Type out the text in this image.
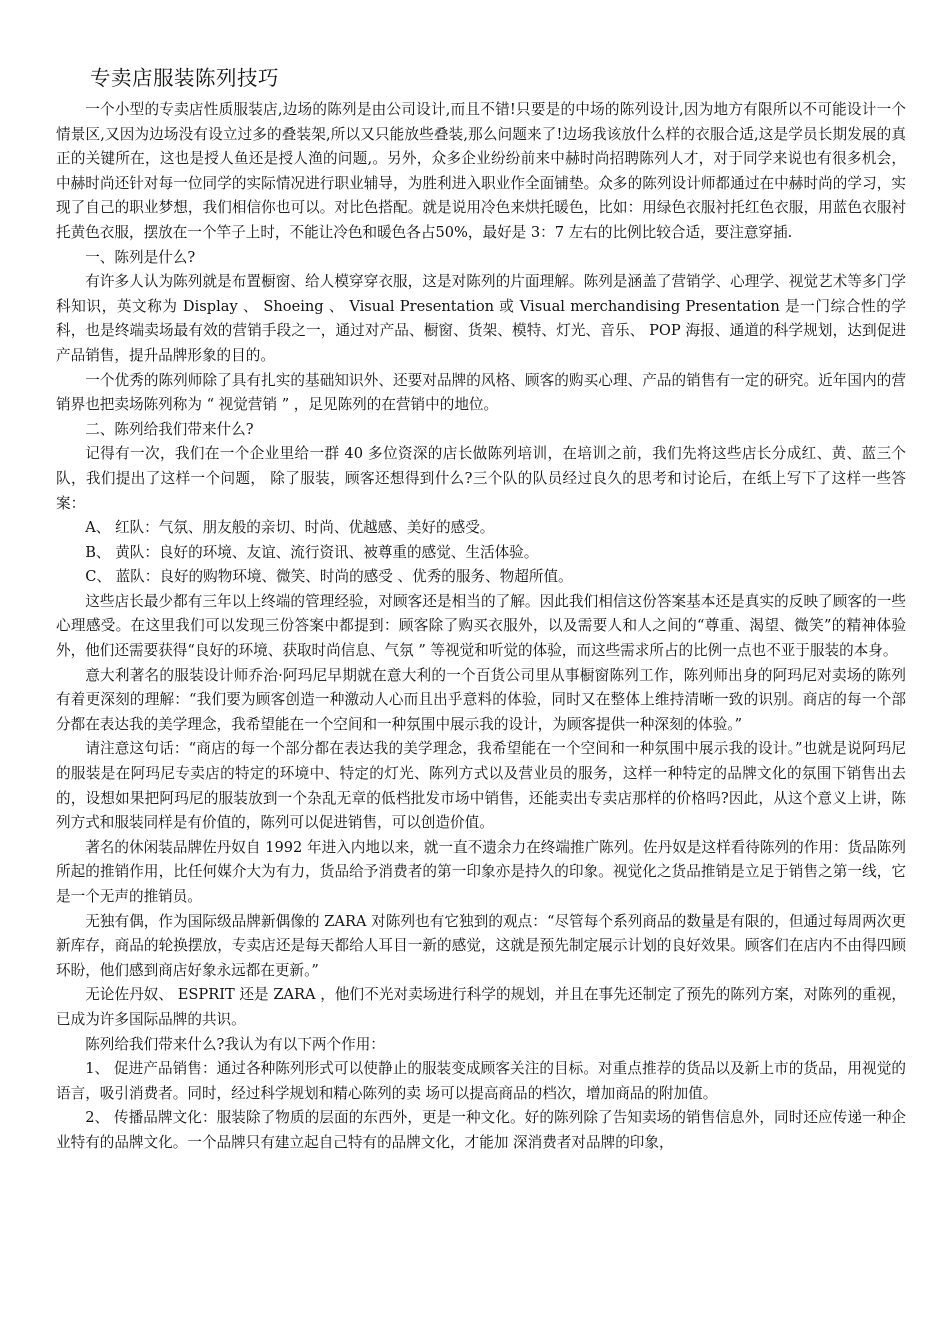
专卖店服装陈列技巧

一个小型的专卖店性质服装店,边场的陈列是由公司设计,而且不错!只要是的中场的陈列设计,因为地方有限所以不可能设计一个情景区,又因为边场没有设立过多的叠装架,所以又只能放些叠装,那么问题来了!边场我该放什么样的衣服合适,这是学员长期发展的真正的关键所在，这也是授人鱼还是授人渔的问题,。另外，众多企业纷纷前来中赫时尚招聘陈列人才，对于同学来说也有很多机会，中赫时尚还针对每一位同学的实际情况进行职业辅导，为胜利进入职业作全面铺垫。众多的陈列设计师都通过在中赫时尚的学习，实现了自己的职业梦想，我们相信你也可以。对比色搭配。就是说用冷色来烘托暖色，比如：用绿色衣服衬托红色衣服，用蓝色衣服衬托黄色衣服，摆放在一个竿子上时，不能让冷色和暖色各占50%，最好是 3：7 左右的比例比较合适，要注意穿插.

一、陈列是什么?

有许多人认为陈列就是布置橱窗、给人模穿穿衣服，这是对陈列的片面理解。陈列是涵盖了营销学、心理学、视觉艺术等多门学科知识，英文称为 Display 、 Shoeing 、 Visual Presentation 或 Visual merchandising Presentation 是一门综合性的学科，也是终端卖场最有效的营销手段之一，通过对产品、橱窗、货架、模特、灯光、音乐、 POP 海报、通道的科学规划，达到促进产品销售，提升品牌形象的目的。

一个优秀的陈列师除了具有扎实的基础知识外、还要对品牌的风格、顾客的购买心理、产品的销售有一定的研究。近年国内的营销界也把卖场陈列称为 “ 视觉营销 ” ，足见陈列的在营销中的地位。

二、陈列给我们带来什么?

记得有一次，我们在一个企业里给一群 40 多位资深的店长做陈列培训，在培训之前，我们先将这些店长分成红、黄、蓝三个队，我们提出了这样一个问题， 除了服装，顾客还想得到什么?三个队的队员经过良久的思考和讨论后，在纸上写下了这样一些答案：

A、 红队：气氛、朋友般的亲切、时尚、优越感、美好的感受。

B、 黄队：良好的环境、友谊、流行资讯、被尊重的感觉、生活体验。

C、 蓝队：良好的购物环境、微笑、时尚的感受 、优秀的服务、物超所值。

这些店长最少都有三年以上终端的管理经验，对顾客还是相当的了解。因此我们相信这份答案基本还是真实的反映了顾客的一些心理感受。在这里我们可以发现三份答案中都提到：顾客除了购买衣服外，以及需要人和人之间的“尊重、渴望、微笑”的精神体验外，他们还需要获得“良好的环境、获取时尚信息、气氛 ” 等视觉和听觉的体验，而这些需求所占的比例一点也不亚于服装的本身。

意大利著名的服装设计师乔治·阿玛尼早期就在意大利的一个百货公司里从事橱窗陈列工作，陈列师出身的阿玛尼对卖场的陈列有着更深刻的理解：“我们要为顾客创造一种激动人心而且出乎意料的体验，同时又在整体上维持清晰一致的识别。商店的每一个部分都在表达我的美学理念，我希望能在一个空间和一种氛围中展示我的设计，为顾客提供一种深刻的体验。”

请注意这句话：“商店的每一个部分都在表达我的美学理念，我希望能在一个空间和一种氛围中展示我的设计。”也就是说阿玛尼的服装是在阿玛尼专卖店的特定的环境中、特定的灯光、陈列方式以及营业员的服务，这样一种特定的品牌文化的氛围下销售出去的，设想如果把阿玛尼的服装放到一个杂乱无章的低档批发市场中销售，还能卖出专卖店那样的价格吗?因此，从这个意义上讲，陈列方式和服装同样是有价值的，陈列可以促进销售，可以创造价值。

著名的休闲装品牌佐丹奴自 1992 年进入内地以来，就一直不遗余力在终端推广陈列。佐丹奴是这样看待陈列的作用：货品陈列所起的推销作用，比任何媒介大为有力，货品给予消费者的第一印象亦是持久的印象。视觉化之货品推销是立足于销售之第一线，它是一个无声的推销员。

无独有偶，作为国际级品牌新偶像的 ZARA 对陈列也有它独到的观点：“尽管每个系列商品的数量是有限的，但通过每周两次更新库存，商品的轮换摆放，专卖店还是每天都给人耳目一新的感觉，这就是预先制定展示计划的良好效果。顾客们在店内不由得四顾环盼，他们感到商店好象永远都在更新。”

无论佐丹奴、 ESPRIT 还是 ZARA ，他们不光对卖场进行科学的规划，并且在事先还制定了预先的陈列方案，对陈列的重视，已成为许多国际品牌的共识。

陈列给我们带来什么?我认为有以下两个作用：

1、 促进产品销售：通过各种陈列形式可以使静止的服装变成顾客关注的目标。对重点推荐的货品以及新上市的货品，用视觉的语言，吸引消费者。同时，经过科学规划和精心陈列的卖 场可以提高商品的档次，增加商品的附加值。

2、 传播品牌文化：服装除了物质的层面的东西外，更是一种文化。好的陈列除了告知卖场的销售信息外，同时还应传递一种企业特有的品牌文化。一个品牌只有建立起自己特有的品牌文化，才能加 深消费者对品牌的印象，
